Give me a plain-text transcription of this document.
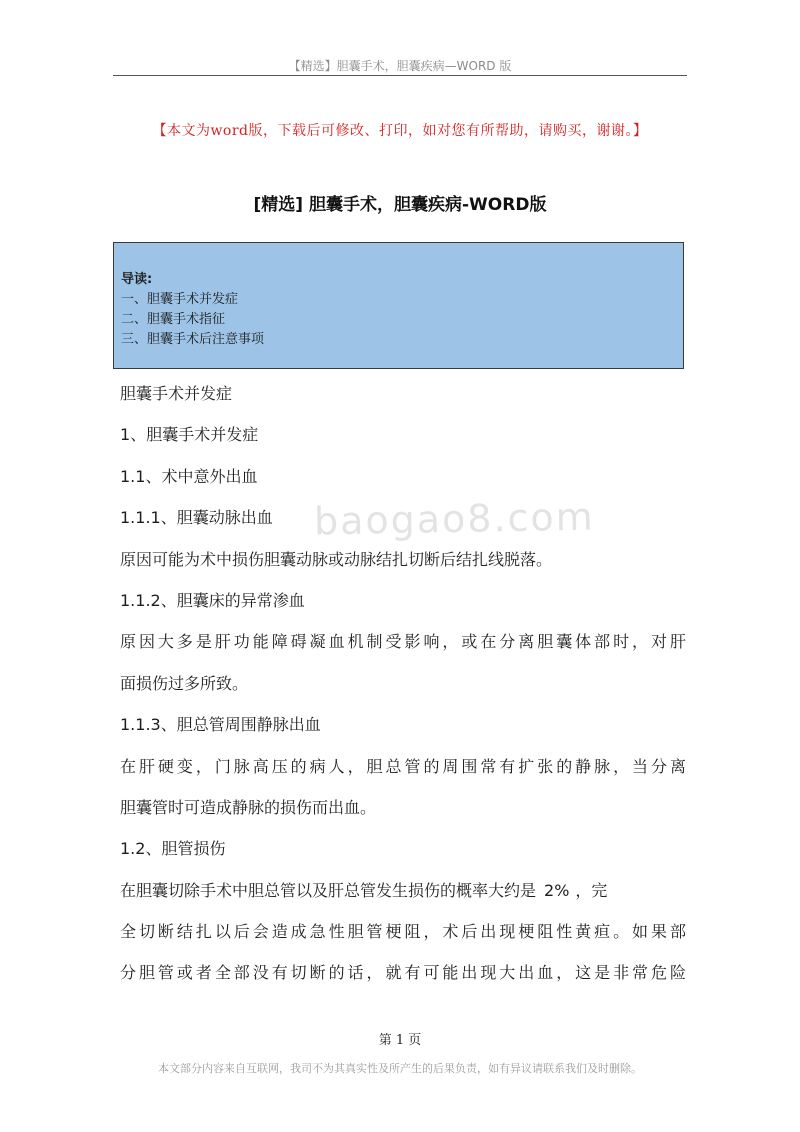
【精选】胆囊手术，胆囊疾病—WORD 版
【本文为word版，下载后可修改、打印，如对您有所帮助，请购买，谢谢。】
[精选] 胆囊手术，胆囊疾病-WORD版
导读:
一、胆囊手术并发症
二、胆囊手术指征
三、胆囊手术后注意事项
baogao8.com
胆囊手术并发症
1、胆囊手术并发症
1.1、术中意外出血
1.1.1、胆囊动脉出血
原因可能为术中损伤胆囊动脉或动脉结扎切断后结扎线脱落。
1.1.2、胆囊床的异常渗血
原因大多是肝功能障碍凝血机制受影响，或在分离胆囊体部时，对肝
面损伤过多所致。
1.1.3、胆总管周围静脉出血
在肝硬变，门脉高压的病人，胆总管的周围常有扩张的静脉，当分离
胆囊管时可造成静脉的损伤而出血。
1.2、胆管损伤
在胆囊切除手术中胆总管以及肝总管发生损伤的概率大约是 2% ，完
全切断结扎以后会造成急性胆管梗阻，术后出现梗阻性黄疸。如果部
分胆管或者全部没有切断的话，就有可能出现大出血，这是非常危险
第 1 页
本文部分内容来自互联网，我司不为其真实性及所产生的后果负责，如有异议请联系我们及时删除。
